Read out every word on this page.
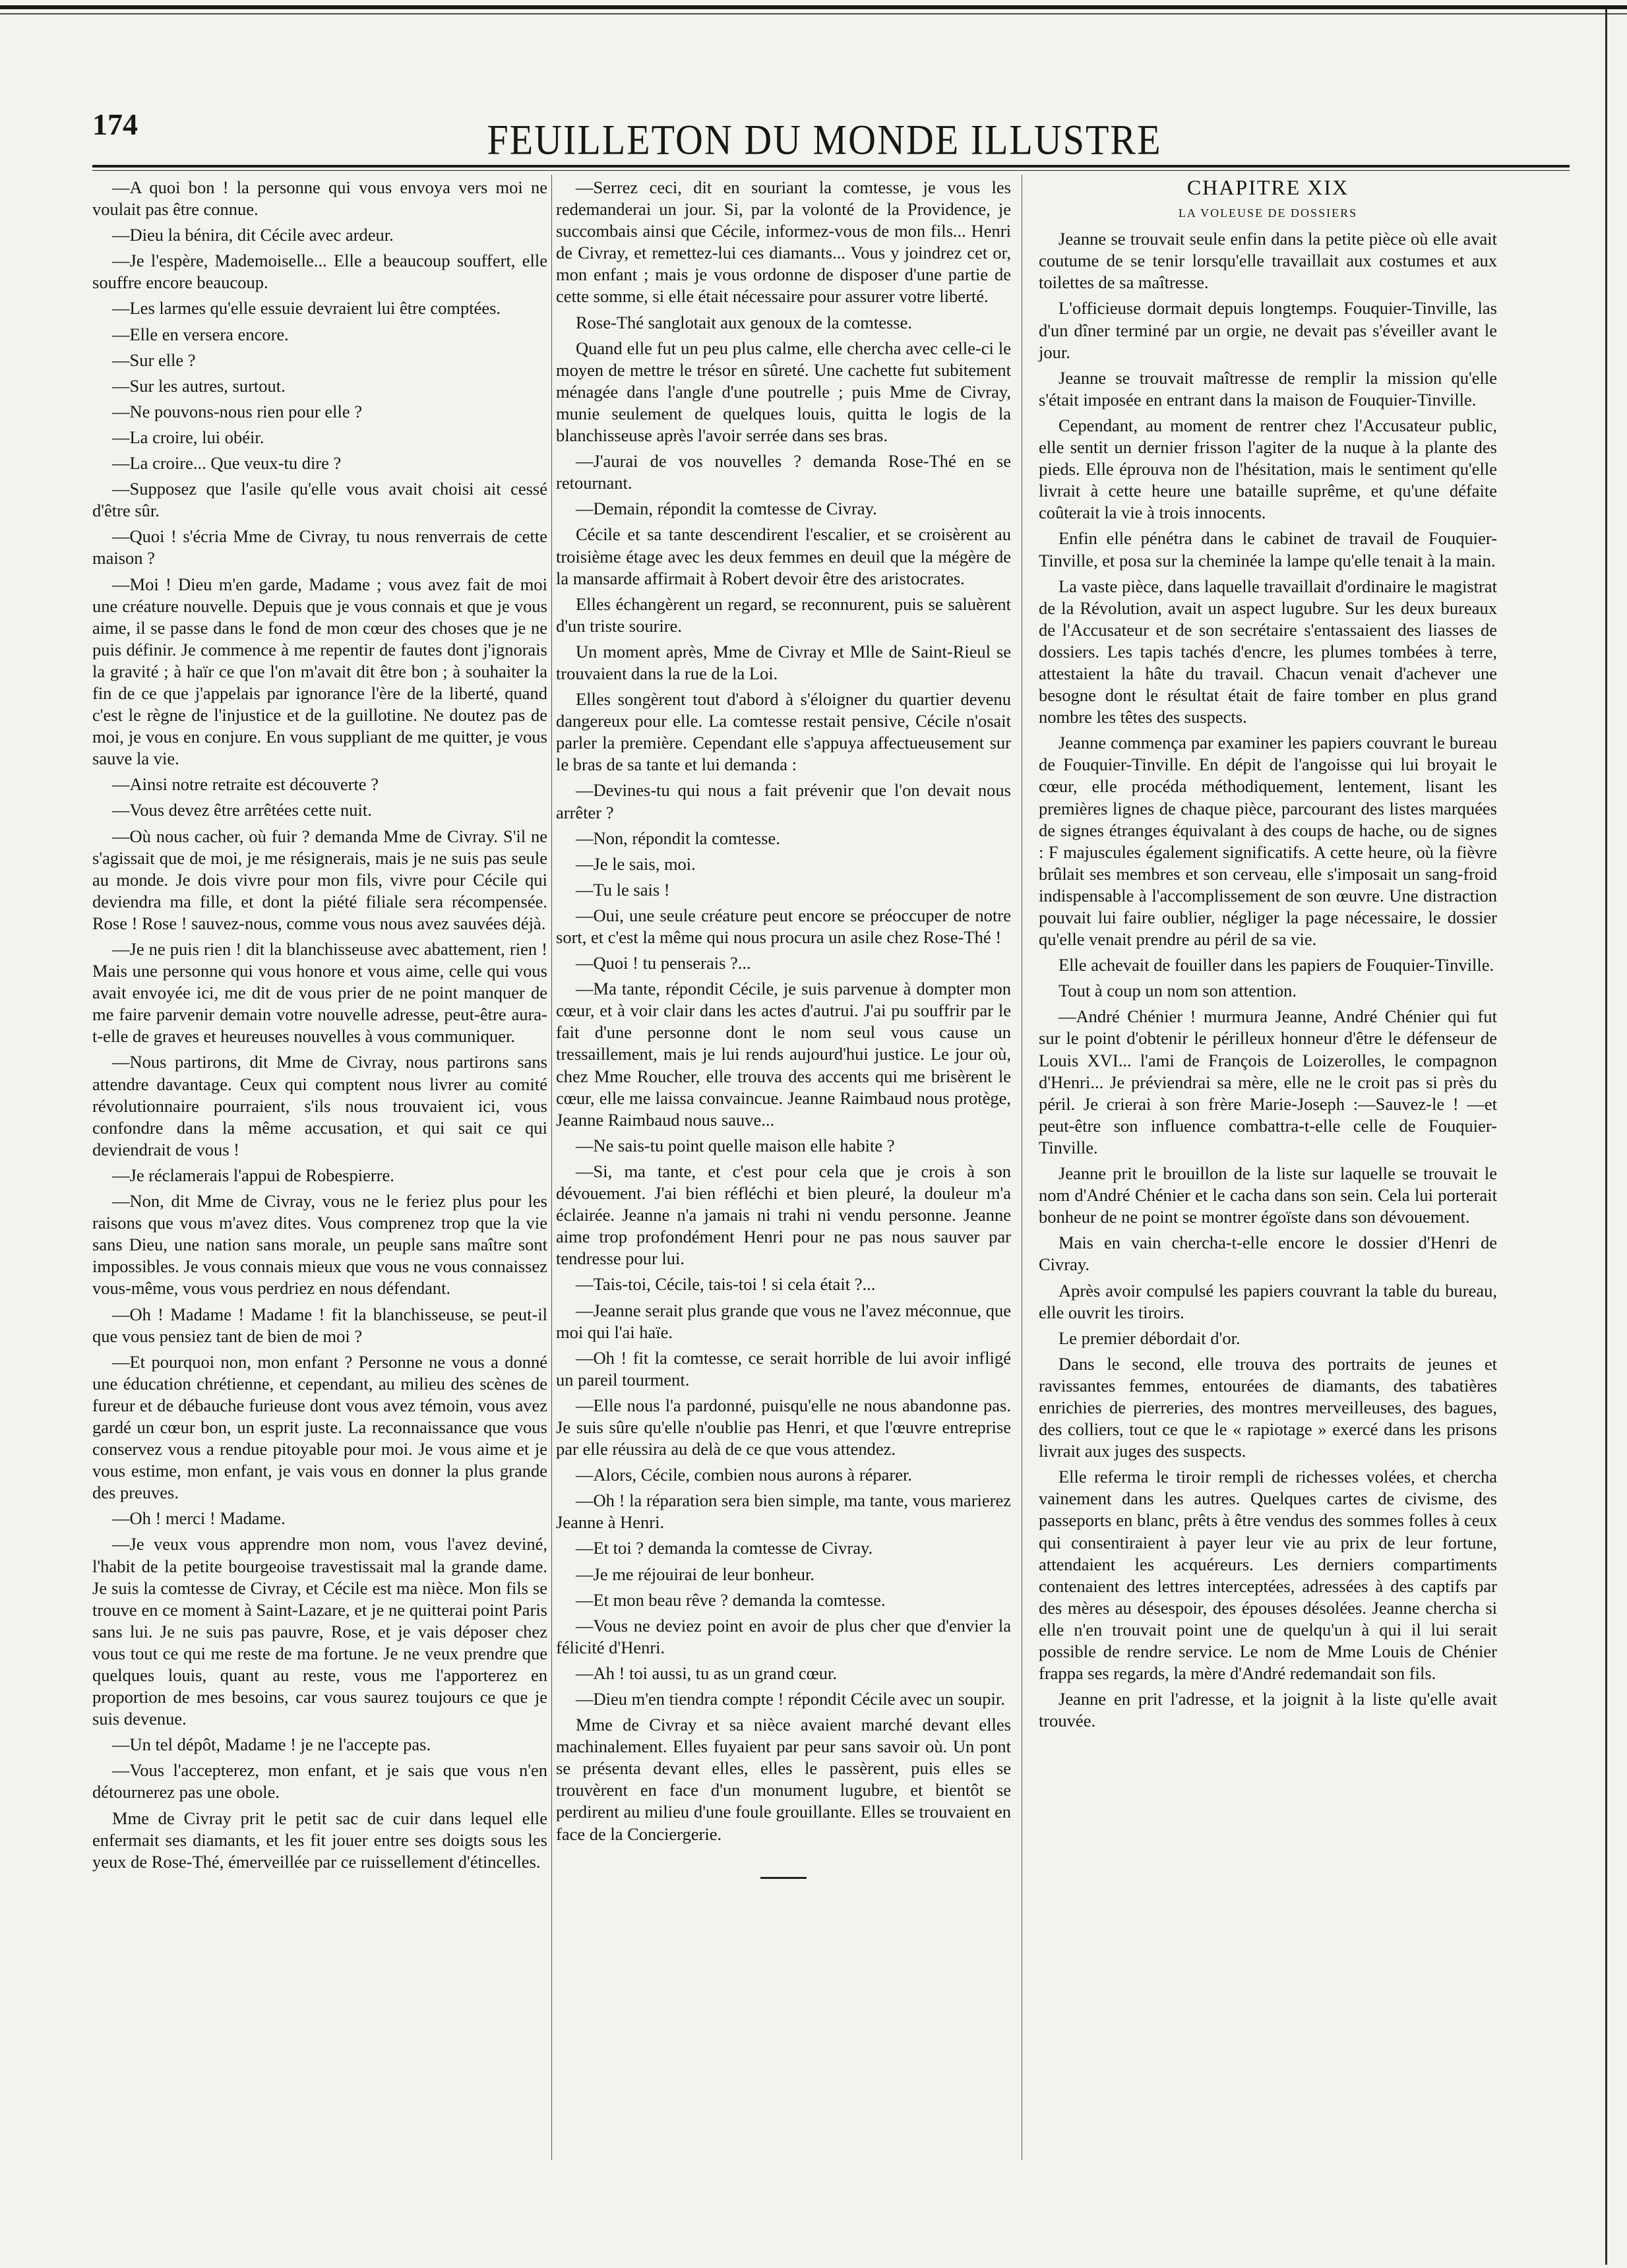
174	FEUILLETON DU MONDE ILLUSTRE

—A quoi bon ! la personne qui vous envoya vers moi ne voulait pas être connue.

—Dieu la bénira, dit Cécile avec ardeur.

—Je l'espère, Mademoiselle... Elle a beaucoup souffert, elle souffre encore beaucoup.

—Les larmes qu'elle essuie devraient lui être comptées.

—Elle en versera encore.

—Sur elle ?

—Sur les autres, surtout.

—Ne pouvons-nous rien pour elle ?

—La croire, lui obéir.

—La croire... Que veux-tu dire ?

—Supposez que l'asile qu'elle vous avait choisi ait cessé d'être sûr.

—Quoi ! s'écria Mme de Civray, tu nous renverrais de cette maison ?

—Moi ! Dieu m'en garde, Madame ; vous avez fait de moi une créature nouvelle. Depuis que je vous connais et que je vous aime, il se passe dans le fond de mon cœur des choses que je ne puis définir. Je commence à me repentir de fautes dont j'ignorais la gravité ; à haïr ce que l'on m'avait dit être bon ; à souhaiter la fin de ce que j'appelais par ignorance l'ère de la liberté, quand c'est le règne de l'injustice et de la guillotine. Ne doutez pas de moi, je vous en conjure. En vous suppliant de me quitter, je vous sauve la vie.

—Ainsi notre retraite est découverte ?

—Vous devez être arrêtées cette nuit.

—Où nous cacher, où fuir ? demanda Mme de Civray. S'il ne s'agissait que de moi, je me résignerais, mais je ne suis pas seule au monde. Je dois vivre pour mon fils, vivre pour Cécile qui deviendra ma fille, et dont la piété filiale sera récompensée. Rose ! Rose ! sauvez-nous, comme vous nous avez sauvées déjà.

—Je ne puis rien ! dit la blanchisseuse avec abattement, rien ! Mais une personne qui vous honore et vous aime, celle qui vous avait envoyée ici, me dit de vous prier de ne point manquer de me faire parvenir demain votre nouvelle adresse, peut-être aura-t-elle de graves et heureuses nouvelles à vous communiquer.

—Nous partirons, dit Mme de Civray, nous partirons sans attendre davantage. Ceux qui comptent nous livrer au comité révolutionnaire pourraient, s'ils nous trouvaient ici, vous confondre dans la même accusation, et qui sait ce qui deviendrait de vous !

—Je réclamerais l'appui de Robespierre.

—Non, dit Mme de Civray, vous ne le feriez plus pour les raisons que vous m'avez dites. Vous comprenez trop que la vie sans Dieu, une nation sans morale, un peuple sans maître sont impossibles. Je vous connais mieux que vous ne vous connaissez vous-même, vous vous perdriez en nous défendant.

—Oh ! Madame ! Madame ! fit la blanchisseuse, se peut-il que vous pensiez tant de bien de moi ?

—Et pourquoi non, mon enfant ? Personne ne vous a donné une éducation chrétienne, et cependant, au milieu des scènes de fureur et de débauche furieuse dont vous avez témoin, vous avez gardé un cœur bon, un esprit juste. La reconnaissance que vous conservez vous a rendue pitoyable pour moi. Je vous aime et je vous estime, mon enfant, je vais vous en donner la plus grande des preuves.

—Oh ! merci ! Madame.

—Je veux vous apprendre mon nom, vous l'avez deviné, l'habit de la petite bourgeoise travestissait mal la grande dame. Je suis la comtesse de Civray, et Cécile est ma nièce. Mon fils se trouve en ce moment à Saint-Lazare, et je ne quitterai point Paris sans lui. Je ne suis pas pauvre, Rose, et je vais déposer chez vous tout ce qui me reste de ma fortune. Je ne veux prendre que quelques louis, quant au reste, vous me l'apporterez en proportion de mes besoins, car vous saurez toujours ce que je suis devenue.

—Un tel dépôt, Madame ! je ne l'accepte pas.

—Vous l'accepterez, mon enfant, et je sais que vous n'en détournerez pas une obole.

Mme de Civray prit le petit sac de cuir dans lequel elle enfermait ses diamants, et les fit jouer entre ses doigts sous les yeux de Rose-Thé, émerveillée par ce ruissellement d'étincelles.

—Serrez ceci, dit en souriant la comtesse, je vous les redemanderai un jour. Si, par la volonté de la Providence, je succombais ainsi que Cécile, informez-vous de mon fils... Henri de Civray, et remettez-lui ces diamants... Vous y joindrez cet or, mon enfant ; mais je vous ordonne de disposer d'une partie de cette somme, si elle était nécessaire pour assurer votre liberté.

Rose-Thé sanglotait aux genoux de la comtesse.

Quand elle fut un peu plus calme, elle chercha avec celle-ci le moyen de mettre le trésor en sûreté. Une cachette fut subitement ménagée dans l'angle d'une poutrelle ; puis Mme de Civray, munie seulement de quelques louis, quitta le logis de la blanchisseuse après l'avoir serrée dans ses bras.

—J'aurai de vos nouvelles ? demanda Rose-Thé en se retournant.

—Demain, répondit la comtesse de Civray.

Cécile et sa tante descendirent l'escalier, et se croisèrent au troisième étage avec les deux femmes en deuil que la mégère de la mansarde affirmait à Robert devoir être des aristocrates.

Elles échangèrent un regard, se reconnurent, puis se saluèrent d'un triste sourire.

Un moment après, Mme de Civray et Mlle de Saint-Rieul se trouvaient dans la rue de la Loi.

Elles songèrent tout d'abord à s'éloigner du quartier devenu dangereux pour elle. La comtesse restait pensive, Cécile n'osait parler la première. Cependant elle s'appuya affectueusement sur le bras de sa tante et lui demanda :

—Devines-tu qui nous a fait prévenir que l'on devait nous arrêter ?

—Non, répondit la comtesse.

—Je le sais, moi.

—Tu le sais !

—Oui, une seule créature peut encore se préoccuper de notre sort, et c'est la même qui nous procura un asile chez Rose-Thé !

—Quoi ! tu penserais ?...

—Ma tante, répondit Cécile, je suis parvenue à dompter mon cœur, et à voir clair dans les actes d'autrui. J'ai pu souffrir par le fait d'une personne dont le nom seul vous cause un tressaillement, mais je lui rends aujourd'hui justice. Le jour où, chez Mme Roucher, elle trouva des accents qui me brisèrent le cœur, elle me laissa convaincue. Jeanne Raimbaud nous protège, Jeanne Raimbaud nous sauve...

—Ne sais-tu point quelle maison elle habite ?

—Si, ma tante, et c'est pour cela que je crois à son dévouement. J'ai bien réfléchi et bien pleuré, la douleur m'a éclairée. Jeanne n'a jamais ni trahi ni vendu personne. Jeanne aime trop profondément Henri pour ne pas nous sauver par tendresse pour lui.

—Tais-toi, Cécile, tais-toi ! si cela était ?...

—Jeanne serait plus grande que vous ne l'avez méconnue, que moi qui l'ai haïe.

—Oh ! fit la comtesse, ce serait horrible de lui avoir infligé un pareil tourment.

—Elle nous l'a pardonné, puisqu'elle ne nous abandonne pas. Je suis sûre qu'elle n'oublie pas Henri, et que l'œuvre entreprise par elle réussira au delà de ce que vous attendez.

—Alors, Cécile, combien nous aurons à réparer.

—Oh ! la réparation sera bien simple, ma tante, vous marierez Jeanne à Henri.

—Et toi ? demanda la comtesse de Civray.

—Je me réjouirai de leur bonheur.

—Et mon beau rêve ? demanda la comtesse.

—Vous ne deviez point en avoir de plus cher que d'envier la félicité d'Henri.

—Ah ! toi aussi, tu as un grand cœur.

—Dieu m'en tiendra compte ! répondit Cécile avec un soupir.

Mme de Civray et sa nièce avaient marché devant elles machinalement. Elles fuyaient par peur sans savoir où. Un pont se présenta devant elles, elles le passèrent, puis elles se trouvèrent en face d'un monument lugubre, et bientôt se perdirent au milieu d'une foule grouillante. Elles se trouvaient en face de la Conciergerie.

CHAPITRE XIX

LA VOLEUSE DE DOSSIERS

Jeanne se trouvait seule enfin dans la petite pièce où elle avait coutume de se tenir lorsqu'elle travaillait aux costumes et aux toilettes de sa maîtresse.

L'officieuse dormait depuis longtemps. Fouquier-Tinville, las d'un dîner terminé par un orgie, ne devait pas s'éveiller avant le jour.

Jeanne se trouvait maîtresse de remplir la mission qu'elle s'était imposée en entrant dans la maison de Fouquier-Tinville.

Cependant, au moment de rentrer chez l'Accusateur public, elle sentit un dernier frisson l'agiter de la nuque à la plante des pieds. Elle éprouva non de l'hésitation, mais le sentiment qu'elle livrait à cette heure une bataille suprême, et qu'une défaite coûterait la vie à trois innocents.

Enfin elle pénétra dans le cabinet de travail de Fouquier-Tinville, et posa sur la cheminée la lampe qu'elle tenait à la main.

La vaste pièce, dans laquelle travaillait d'ordinaire le magistrat de la Révolution, avait un aspect lugubre. Sur les deux bureaux de l'Accusateur et de son secrétaire s'entassaient des liasses de dossiers. Les tapis tachés d'encre, les plumes tombées à terre, attestaient la hâte du travail. Chacun venait d'achever une besogne dont le résultat était de faire tomber en plus grand nombre les têtes des suspects.

Jeanne commença par examiner les papiers couvrant le bureau de Fouquier-Tinville. En dépit de l'angoisse qui lui broyait le cœur, elle procéda méthodiquement, lentement, lisant les premières lignes de chaque pièce, parcourant des listes marquées de signes étranges équivalant à des coups de hache, ou de signes : F majuscules également significatifs. A cette heure, où la fièvre brûlait ses membres et son cerveau, elle s'imposait un sang-froid indispensable à l'accomplissement de son œuvre. Une distraction pouvait lui faire oublier, négliger la page nécessaire, le dossier qu'elle venait prendre au péril de sa vie.

Elle achevait de fouiller dans les papiers de Fouquier-Tinville.

Tout à coup un nom son attention.

—André Chénier ! murmura Jeanne, André Chénier qui fut sur le point d'obtenir le périlleux honneur d'être le défenseur de Louis XVI... l'ami de François de Loizerolles, le compagnon d'Henri... Je préviendrai sa mère, elle ne le croit pas si près du péril. Je crierai à son frère Marie-Joseph :—Sauvez-le ! —et peut-être son influence combattra-t-elle celle de Fouquier-Tinville.

Jeanne prit le brouillon de la liste sur laquelle se trouvait le nom d'André Chénier et le cacha dans son sein. Cela lui porterait bonheur de ne point se montrer égoïste dans son dévouement.

Mais en vain chercha-t-elle encore le dossier d'Henri de Civray.

Après avoir compulsé les papiers couvrant la table du bureau, elle ouvrit les tiroirs.

Le premier débordait d'or.

Dans le second, elle trouva des portraits de jeunes et ravissantes femmes, entourées de diamants, des tabatières enrichies de pierreries, des montres merveilleuses, des bagues, des colliers, tout ce que le « rapiotage » exercé dans les prisons livrait aux juges des suspects.

Elle referma le tiroir rempli de richesses volées, et chercha vainement dans les autres. Quelques cartes de civisme, des passeports en blanc, prêts à être vendus des sommes folles à ceux qui consentiraient à payer leur vie au prix de leur fortune, attendaient les acquéreurs. Les derniers compartiments contenaient des lettres interceptées, adressées à des captifs par des mères au désespoir, des épouses désolées. Jeanne chercha si elle n'en trouvait point une de quelqu'un à qui il lui serait possible de rendre service. Le nom de Mme Louis de Chénier frappa ses regards, la mère d'André redemandait son fils.

Jeanne en prit l'adresse, et la joignit à la liste qu'elle avait trouvée.
